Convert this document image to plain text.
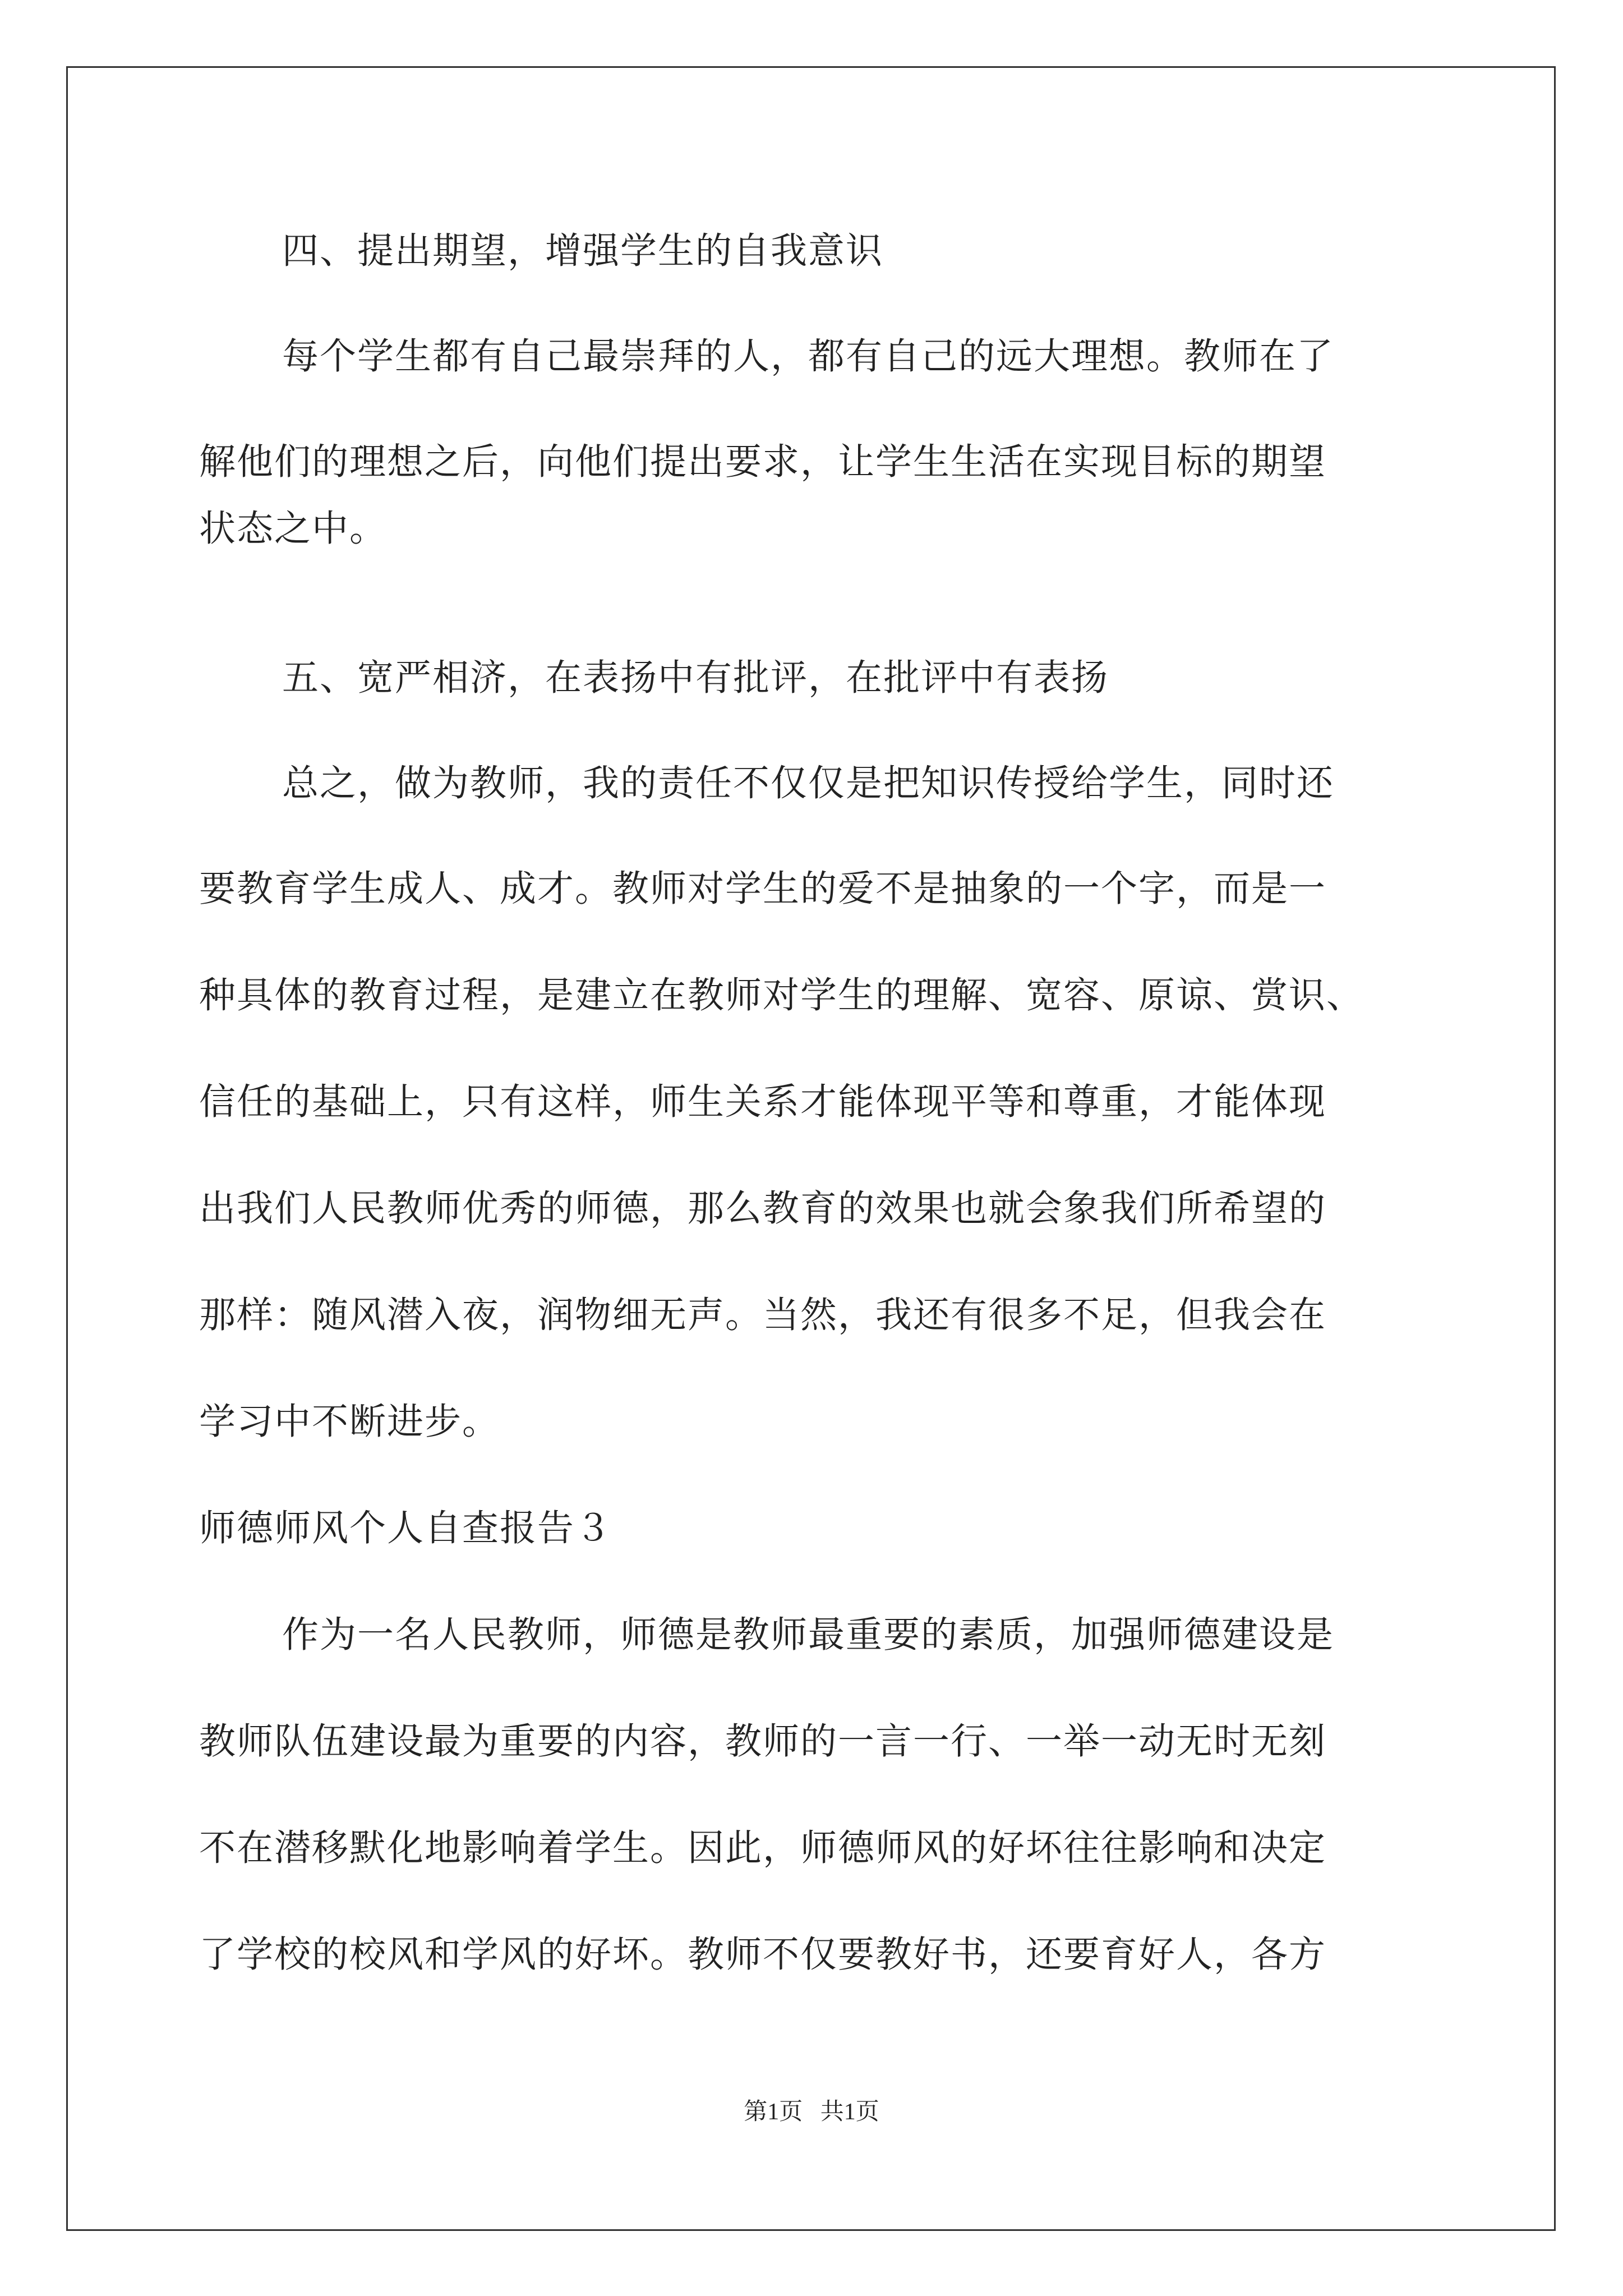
四、提出期望，增强学生的自我意识
每个学生都有自己最崇拜的人，都有自己的远大理想。教师在了
解他们的理想之后，向他们提出要求，让学生生活在实现目标的期望
状态之中。
五、宽严相济，在表扬中有批评，在批评中有表扬
总之，做为教师，我的责任不仅仅是把知识传授给学生，同时还
要教育学生成人、成才。教师对学生的爱不是抽象的一个字，而是一
种具体的教育过程，是建立在教师对学生的理解、宽容、原谅、赏识、
信任的基础上，只有这样，师生关系才能体现平等和尊重，才能体现
出我们人民教师优秀的师德，那么教育的效果也就会象我们所希望的
那样：随风潜入夜，润物细无声。当然，我还有很多不足，但我会在
学习中不断进步。
师德师风个人自查报告３
作为一名人民教师，师德是教师最重要的素质，加强师德建设是
教师队伍建设最为重要的内容，教师的一言一行、一举一动无时无刻
不在潜移默化地影响着学生。因此，师德师风的好坏往往影响和决定
了学校的校风和学风的好坏。教师不仅要教好书，还要育好人，各方
第1页   共1页
